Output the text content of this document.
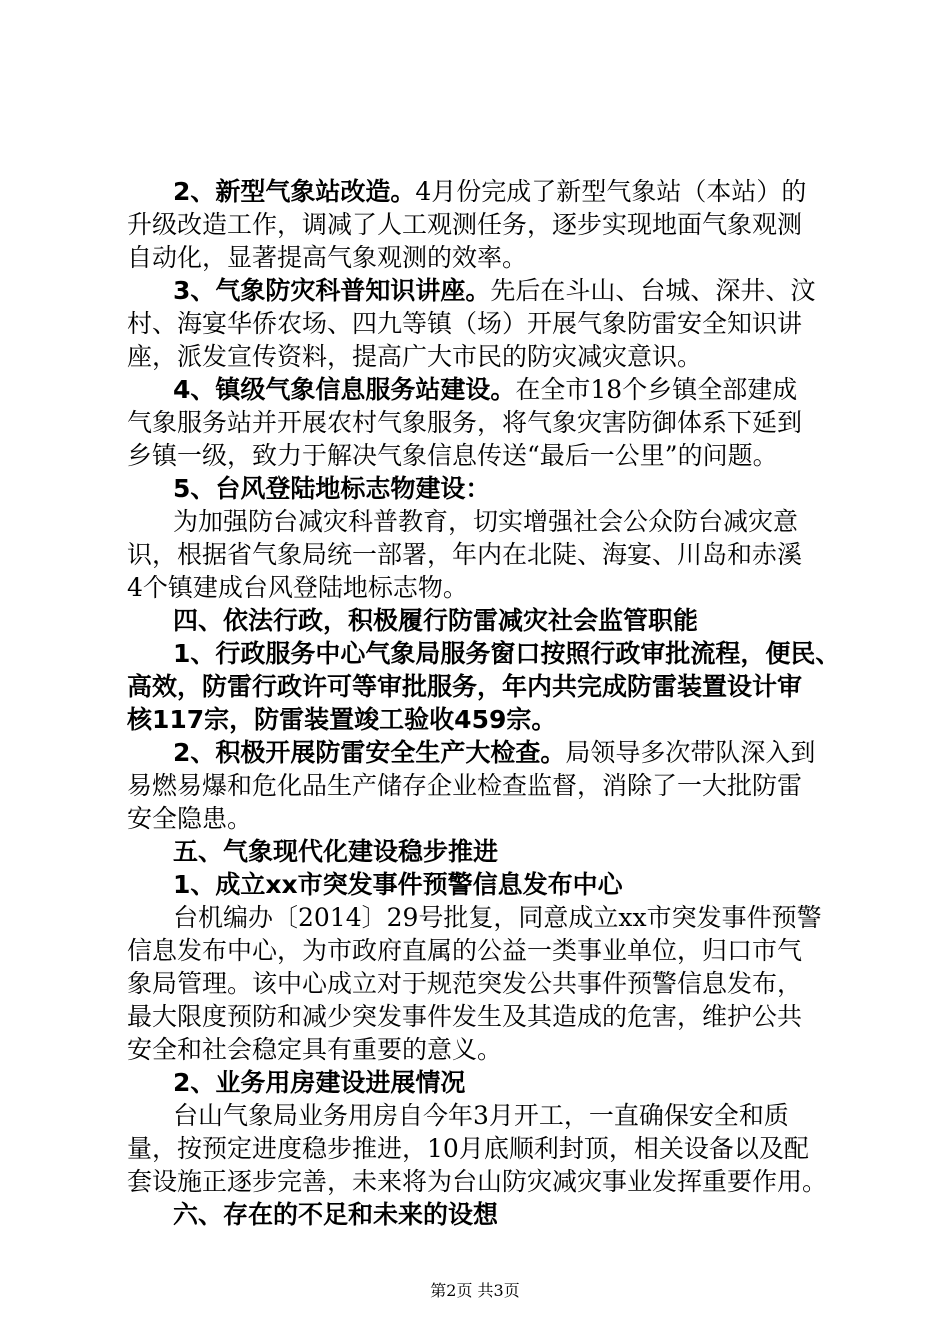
2、新型气象站改造。4月份完成了新型气象站（本站）的
升级改造工作，调减了人工观测任务，逐步实现地面气象观测
自动化，显著提高气象观测的效率。
3、气象防灾科普知识讲座。先后在斗山、台城、深井、汶
村、海宴华侨农场、四九等镇（场）开展气象防雷安全知识讲
座，派发宣传资料，提高广大市民的防灾减灾意识。
4、镇级气象信息服务站建设。在全市18个乡镇全部建成
气象服务站并开展农村气象服务，将气象灾害防御体系下延到
乡镇一级，致力于解决气象信息传送“最后一公里”的问题。
5、台风登陆地标志物建设：
为加强防台减灾科普教育，切实增强社会公众防台减灾意
识，根据省气象局统一部署，年内在北陡、海宴、川岛和赤溪
4个镇建成台风登陆地标志物。
四、依法行政，积极履行防雷减灾社会监管职能
1、行政服务中心气象局服务窗口按照行政审批流程，便民、
高效，防雷行政许可等审批服务，年内共完成防雷装置设计审
核117宗，防雷装置竣工验收459宗。
2、积极开展防雷安全生产大检查。局领导多次带队深入到
易燃易爆和危化品生产储存企业检查监督，消除了一大批防雷
安全隐患。
五、气象现代化建设稳步推进
1、成立xx市突发事件预警信息发布中心
台机编办〔2014〕29号批复，同意成立xx市突发事件预警
信息发布中心，为市政府直属的公益一类事业单位，归口市气
象局管理。该中心成立对于规范突发公共事件预警信息发布，
最大限度预防和减少突发事件发生及其造成的危害，维护公共
安全和社会稳定具有重要的意义。
2、业务用房建设进展情况
台山气象局业务用房自今年3月开工，一直确保安全和质
量，按预定进度稳步推进，10月底顺利封顶，相关设备以及配
套设施正逐步完善，未来将为台山防灾减灾事业发挥重要作用。
六、存在的不足和未来的设想
第2页 共3页
